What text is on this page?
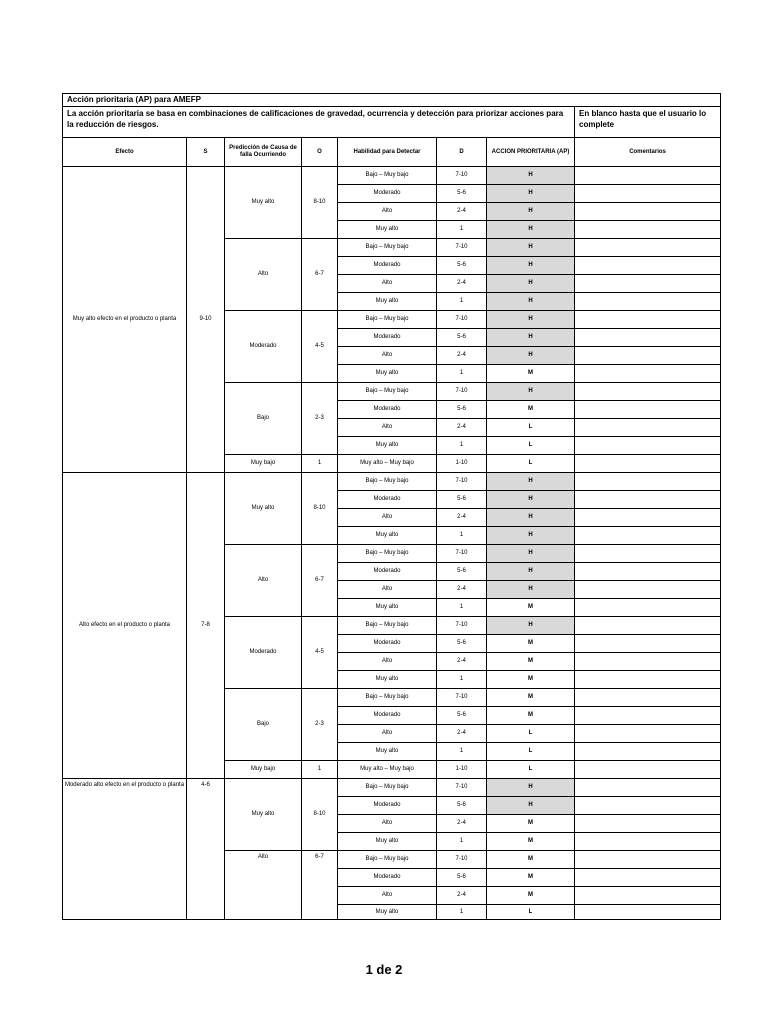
Acción prioritaria (AP) para AMEFP							
La acción prioritaria se basa en combinaciones de calificaciones de gravedad, ocurrencia y detección para priorizar acciones para la reducción de riesgos.							En blanco hasta que el usuario lo complete
Efecto	S	Predicción de Causa de falla Ocurriendo	O	Habilidad para Detectar	D	ACCION PRIORITARIA (AP)	Comentarios
Muy alto efecto en el producto o planta	9-10	Muy alto	8-10	Bajo – Muy bajo	7-10	H	
				Moderado	5-6	H	
				Alto	2-4	H	
				Muy alto	1	H	
		Alto	6-7	Bajo – Muy bajo	7-10	H	
				Moderado	5-6	H	
				Alto	2-4	H	
				Muy alto	1	H	
		Moderado	4-5	Bajo – Muy bajo	7-10	H	
				Moderado	5-6	H	
				Alto	2-4	H	
				Muy alto	1	M	
		Bajo	2-3	Bajo – Muy bajo	7-10	H	
				Moderado	5-6	M	
				Alto	2-4	L	
				Muy alto	1	L	
		Muy bajo	1	Muy alto – Muy bajo	1-10	L	
Alto efecto en el producto o planta	7-8	Muy alto	8-10	Bajo – Muy bajo	7-10	H	
				Moderado	5-6	H	
				Alto	2-4	H	
				Muy alto	1	H	
		Alto	6-7	Bajo – Muy bajo	7-10	H	
				Moderado	5-6	H	
				Alto	2-4	H	
				Muy alto	1	M	
		Moderado	4-5	Bajo – Muy bajo	7-10	H	
				Moderado	5-6	M	
				Alto	2-4	M	
				Muy alto	1	M	
		Bajo	2-3	Bajo – Muy bajo	7-10	M	
				Moderado	5-6	M	
				Alto	2-4	L	
				Muy alto	1	L	
		Muy bajo	1	Muy alto – Muy bajo	1-10	L	
Moderado alto efecto en el producto o planta	4-6	Muy alto	8-10	Bajo – Muy bajo	7-10	H	
				Moderado	5-6	H	
				Alto	2-4	M	
				Muy alto	1	M	
		Alto	6-7	Bajo – Muy bajo	7-10	M	
				Moderado	5-6	M	
				Alto	2-4	M	
				Muy alto	1	L	
1 de 2
